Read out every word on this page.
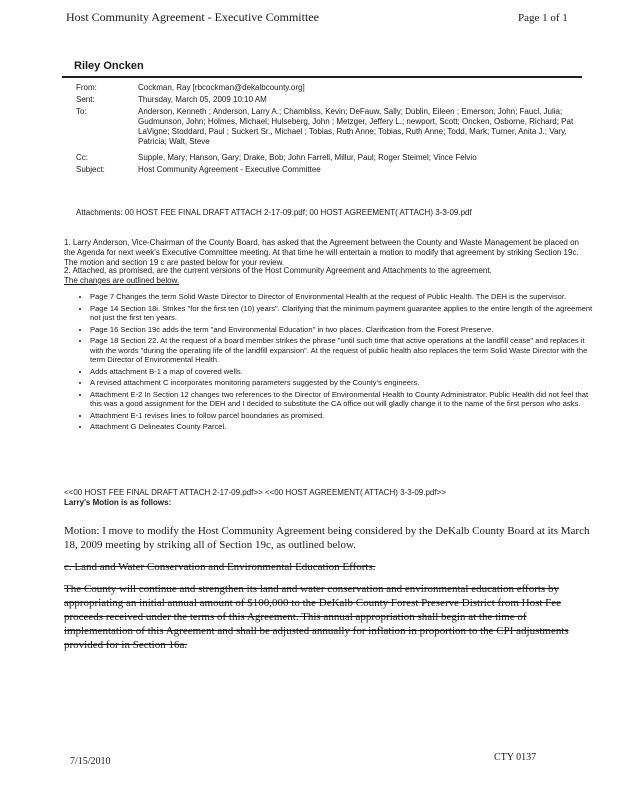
Host Community Agreement - Executive Committee	Page 1 of 1
Riley Oncken
From:	Cockman, Ray [rbcockman@dekalbcounty.org]
Sent:	Thursday, March 05, 2009 10:10 AM
To:	Anderson, Kenneth ; Anderson, Larry A.; Chambliss, Kevin; DeFauw, Sally; Dublin, Eileen ; Emerson, John; Faucl, Julia; Gudmunson, John; Holmes, Michael; Hulseberg, John ; Metzger, Jeffery L.; newport, Scott; Oncken, Osborne, Richard; Pat LaVigne; Stoddard, Paul ; Suckert Sr., Michael ; Tobias, Ruth Anne; Tobias, Ruth Anne; Todd, Mark; Turner, Anita J.; Vary, Patricia; Walt, Steve
Cc:	Supple, Mary; Hanson, Gary; Drake, Bob; John Farrell, Millur, Paul; Roger Steimel; Vince Felvio
Subject:	Host Community Agreement - Executive Committee
Attachments: 00 HOST FEE FINAL DRAFT ATTACH 2-17-09.pdf; 00 HOST AGREEMENT( ATTACH) 3-3-09.pdf
1. Larry Anderson, Vice-Chairman of the County Board, has asked that the Agreement between the County and Waste Management be placed on the Agenda for next week's Executive Committee meeting. At that time he will entertain a motion to modify that agreement by striking Section 19c. The motion and section 19 c are pasted below for your review.
2. Attached, as promised, are the current versions of the Host Community Agreement and Attachments to the agreement.
The changes are outlined below.
• Page 7 Changes the term Solid Waste Director to Director of Environmental Health at the request of Public Health. The DEH is the supervisor.
• Page 14 Section 18i. Strikes "for the first ten (10) years". Clarifying that the minimum payment guarantee applies to the entire length of the agreement not just the first ten years.
• Page 16 Section 19c adds the term "and Environmental Education" in two places. Clarification from the Forest Preserve.
• Page 18 Section 22. At the request of a board member strikes the phrase "until such time that active operations at the landfill cease" and replaces it with the words "during the operating life of the landfill expansion". At the request of public health also replaces the term Solid Waste Director with the term Director of Environmental Health.
• Adds attachment B-1 a map of covered wells.
• A revised attachment C incorporates monitoring parameters suggested by the County's engineers.
• Attachment E-2 In Section 12 changes two references to the Director of Environmental Health to County Administrator. Public Health did not feel that this was a good assignment for the DEH and I decided to substitute the CA office out will gladly change it to the name of the first person who asks.
• Attachment E-1 revises lines to follow parcel boundaries as promised.
• Attachment G Delineates County Parcel.
<<00 HOST FEE FINAL DRAFT ATTACH 2-17-09.pdf>> <<00 HOST AGREEMENT( ATTACH) 3-3-09.pdf>>
Larry's Motion is as follows:
Motion: I move to modify the Host Community Agreement being considered by the DeKalb County Board at its March 18, 2009 meeting by striking all of Section 19c, as outlined below.
c. Land and Water Conservation and Environmental Education Efforts.
The County will continue and strengthen its land and water conservation and environmental education efforts by appropriating an initial annual amount of $100,000 to the DeKalb County Forest Preserve District from Host Fee proceeds received under the terms of this Agreement. This annual appropriation shall begin at the time of implementation of this Agreement and shall be adjusted annually for inflation in proportion to the CPI adjustments provided for in Section 16a.
7/15/2010	CTY 0137
